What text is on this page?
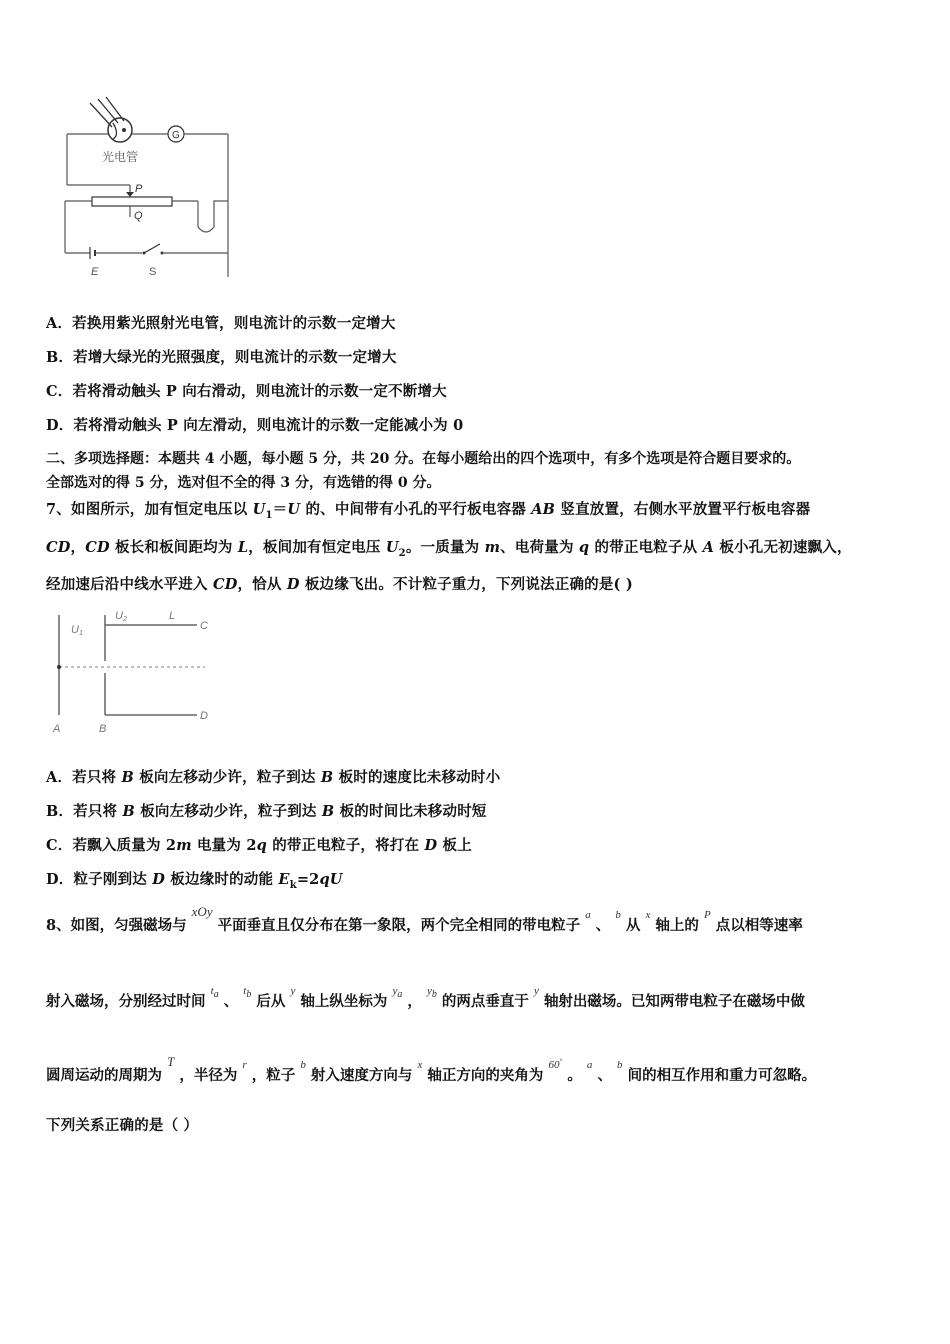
G
光电管
P
Q
E	S
A．若换用紫光照射光电管，则电流计的示数一定增大
B．若增大绿光的光照强度，则电流计的示数一定增大
C．若将滑动触头 P 向右滑动，则电流计的示数一定不断增大
D．若将滑动触头 P 向左滑动，则电流计的示数一定能减小为 0
二、多项选择题：本题共 4 小题，每小题 5 分，共 20 分。在每小题给出的四个选项中，有多个选项是符合题目要求的。
全部选对的得 5 分，选对但不全的得 3 分，有选错的得 0 分。
7、如图所示，加有恒定电压以 $U_1=U$ 的、中间带有小孔的平行板电容器 AB 竖直放置，右侧水平放置平行板电容器
CD，CD 板长和板间距均为 L，板间加有恒定电压 $U_2$。一质量为 m、电荷量为 q 的带正电粒子从 A 板小孔无初速飘入，
经加速后沿中线水平进入 CD，恰从 D 板边缘飞出。不计粒子重力，下列说法正确的是( )
U1
U2	L
C
D
A	B
A．若只将 B 板向左移动少许，粒子到达 B 板时的速度比未移动时小
B．若只将 B 板向左移动少许，粒子到达 B 板的时间比未移动时短
C．若飘入质量为 2m 电量为 2q 的带正电粒子，将打在 D 板上
D．粒子刚到达 D 板边缘时的动能 $E_k=2qU$
8、如图，匀强磁场与 xOy 平面垂直且仅分布在第一象限，两个完全相同的带电粒子 $^a$ 、 $^b$ 从 $^x$ 轴上的 $^P$ 点以相等速率
射入磁场，分别经过时间 $^{t_a}$ 、 $^{t_b}$ 后从 $^y$ 轴上纵坐标为 $^{y_a}$ ， $^{y_b}$ 的两点垂直于 $^y$ 轴射出磁场。已知两带电粒子在磁场中做
圆周运动的周期为 T ，半径为 $^r$ ，粒子 $^b$ 射入速度方向与 $^x$ 轴正方向的夹角为 $^{60^\circ}$ 。 $^a$ 、 $^b$ 间的相互作用和重力可忽略。
下列关系正确的是（ ）
